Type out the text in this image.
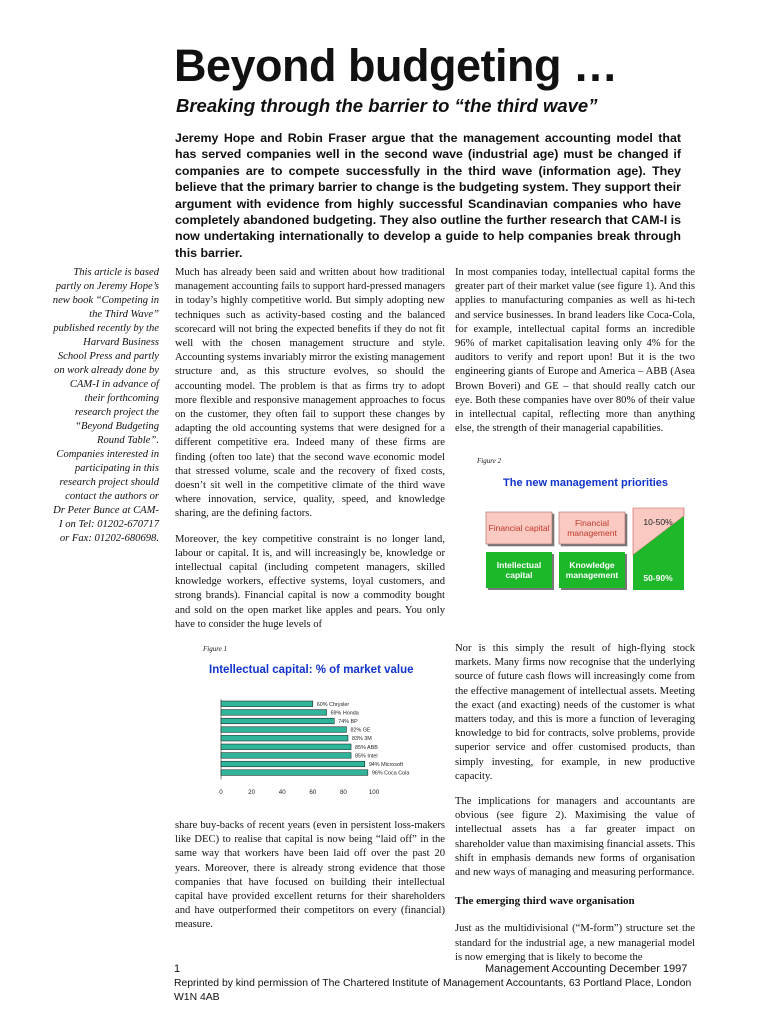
Beyond budgeting …
Breaking through the barrier to “the third wave”
Jeremy Hope and Robin Fraser argue that the management accounting model that has served companies well in the second wave (industrial age) must be changed if companies are to compete successfully in the third wave (information age). They believe that the primary barrier to change is the budgeting system. They support their argument with evidence from highly successful Scandinavian companies who have completely abandoned budgeting. They also outline the further research that CAM-I is now undertaking internationally to develop a guide to help companies break through this barrier.
This article is based partly on Jeremy Hope’s new book “Competing in the Third Wave” published recently by the Harvard Business School Press and partly on work already done by CAM-I in advance of their forthcoming research project the “Beyond Budgeting Round Table”. Companies interested in participating in this research project should contact the authors or Dr Peter Bunce at CAM-I on Tel: 01202-670717 or Fax: 01202-680698.

Much has already been said and written about how traditional management accounting fails to support hard-pressed managers in today’s highly competitive world. But simply adopting new techniques such as activity-based costing and the balanced scorecard will not bring the expected benefits if they do not fit well with the chosen management structure and style. Accounting systems invariably mirror the existing management structure and, as this structure evolves, so should the accounting model. The problem is that as firms try to adopt more flexible and responsive management approaches to focus on the customer, they often fail to support these changes by adapting the old accounting systems that were designed for a different competitive era. Indeed many of these firms are finding (often too late) that the second wave economic model that stressed volume, scale and the recovery of fixed costs, doesn’t sit well in the competitive climate of the third wave where innovation, service, quality, speed, and knowledge sharing, are the defining factors.

Moreover, the key competitive constraint is no longer land, labour or capital. It is, and will increasingly be, knowledge or intellectual capital (including competent managers, skilled knowledge workers, effective systems, loyal customers, and strong brands). Financial capital is now a commodity bought and sold on the open market like apples and pears. You only have to consider the huge levels of

Figure 1
Intellectual capital: % of market value
60% Chrysler
69% Honda
74% BP
82% GE
83% 3M
85% ABB
85% Intel
94% Microsoft
96% Coca Cola
0	20	40	60	80	100

share buy-backs of recent years (even in persistent loss-makers like DEC) to realise that capital is now being “laid off” in the same way that workers have been laid off over the past 20 years. Moreover, there is already strong evidence that those companies that have focused on building their intellectual capital have provided excellent returns for their shareholders and have outperformed their competitors on every (financial) measure.

In most companies today, intellectual capital forms the greater part of their market value (see figure 1). And this applies to manufacturing companies as well as hi-tech and service businesses. In brand leaders like Coca-Cola, for example, intellectual capital forms an incredible 96% of market capitalisation leaving only 4% for the auditors to verify and report upon! But it is the two engineering giants of Europe and America – ABB (Asea Brown Boveri) and GE – that should really catch our eye. Both these companies have over 80% of their value in intellectual capital, reflecting more than anything else, the strength of their managerial capabilities.

Figure 2
The new management priorities
Financial capital	Financial management
Intellectual capital
Knowledge management
10-50%
50-90%

Nor is this simply the result of high-flying stock markets. Many firms now recognise that the underlying source of future cash flows will increasingly come from the effective management of intellectual assets. Meeting the exact (and exacting) needs of the customer is what matters today, and this is more a function of leveraging knowledge to bid for contracts, solve problems, provide superior service and offer customised products, than simply investing, for example, in new productive capacity.

The implications for managers and accountants are obvious (see figure 2). Maximising the value of intellectual assets has a far greater impact on shareholder value than maximising financial assets. This shift in emphasis demands new forms of organisation and new ways of managing and measuring performance.

The emerging third wave organisation

Just as the multidivisional (“M-form”) structure set the standard for the industrial age, a new managerial model is now emerging that is likely to become the

1	Management Accounting December 1997
Reprinted by kind permission of The Chartered Institute of Management Accountants, 63 Portland Place, London W1N 4AB
